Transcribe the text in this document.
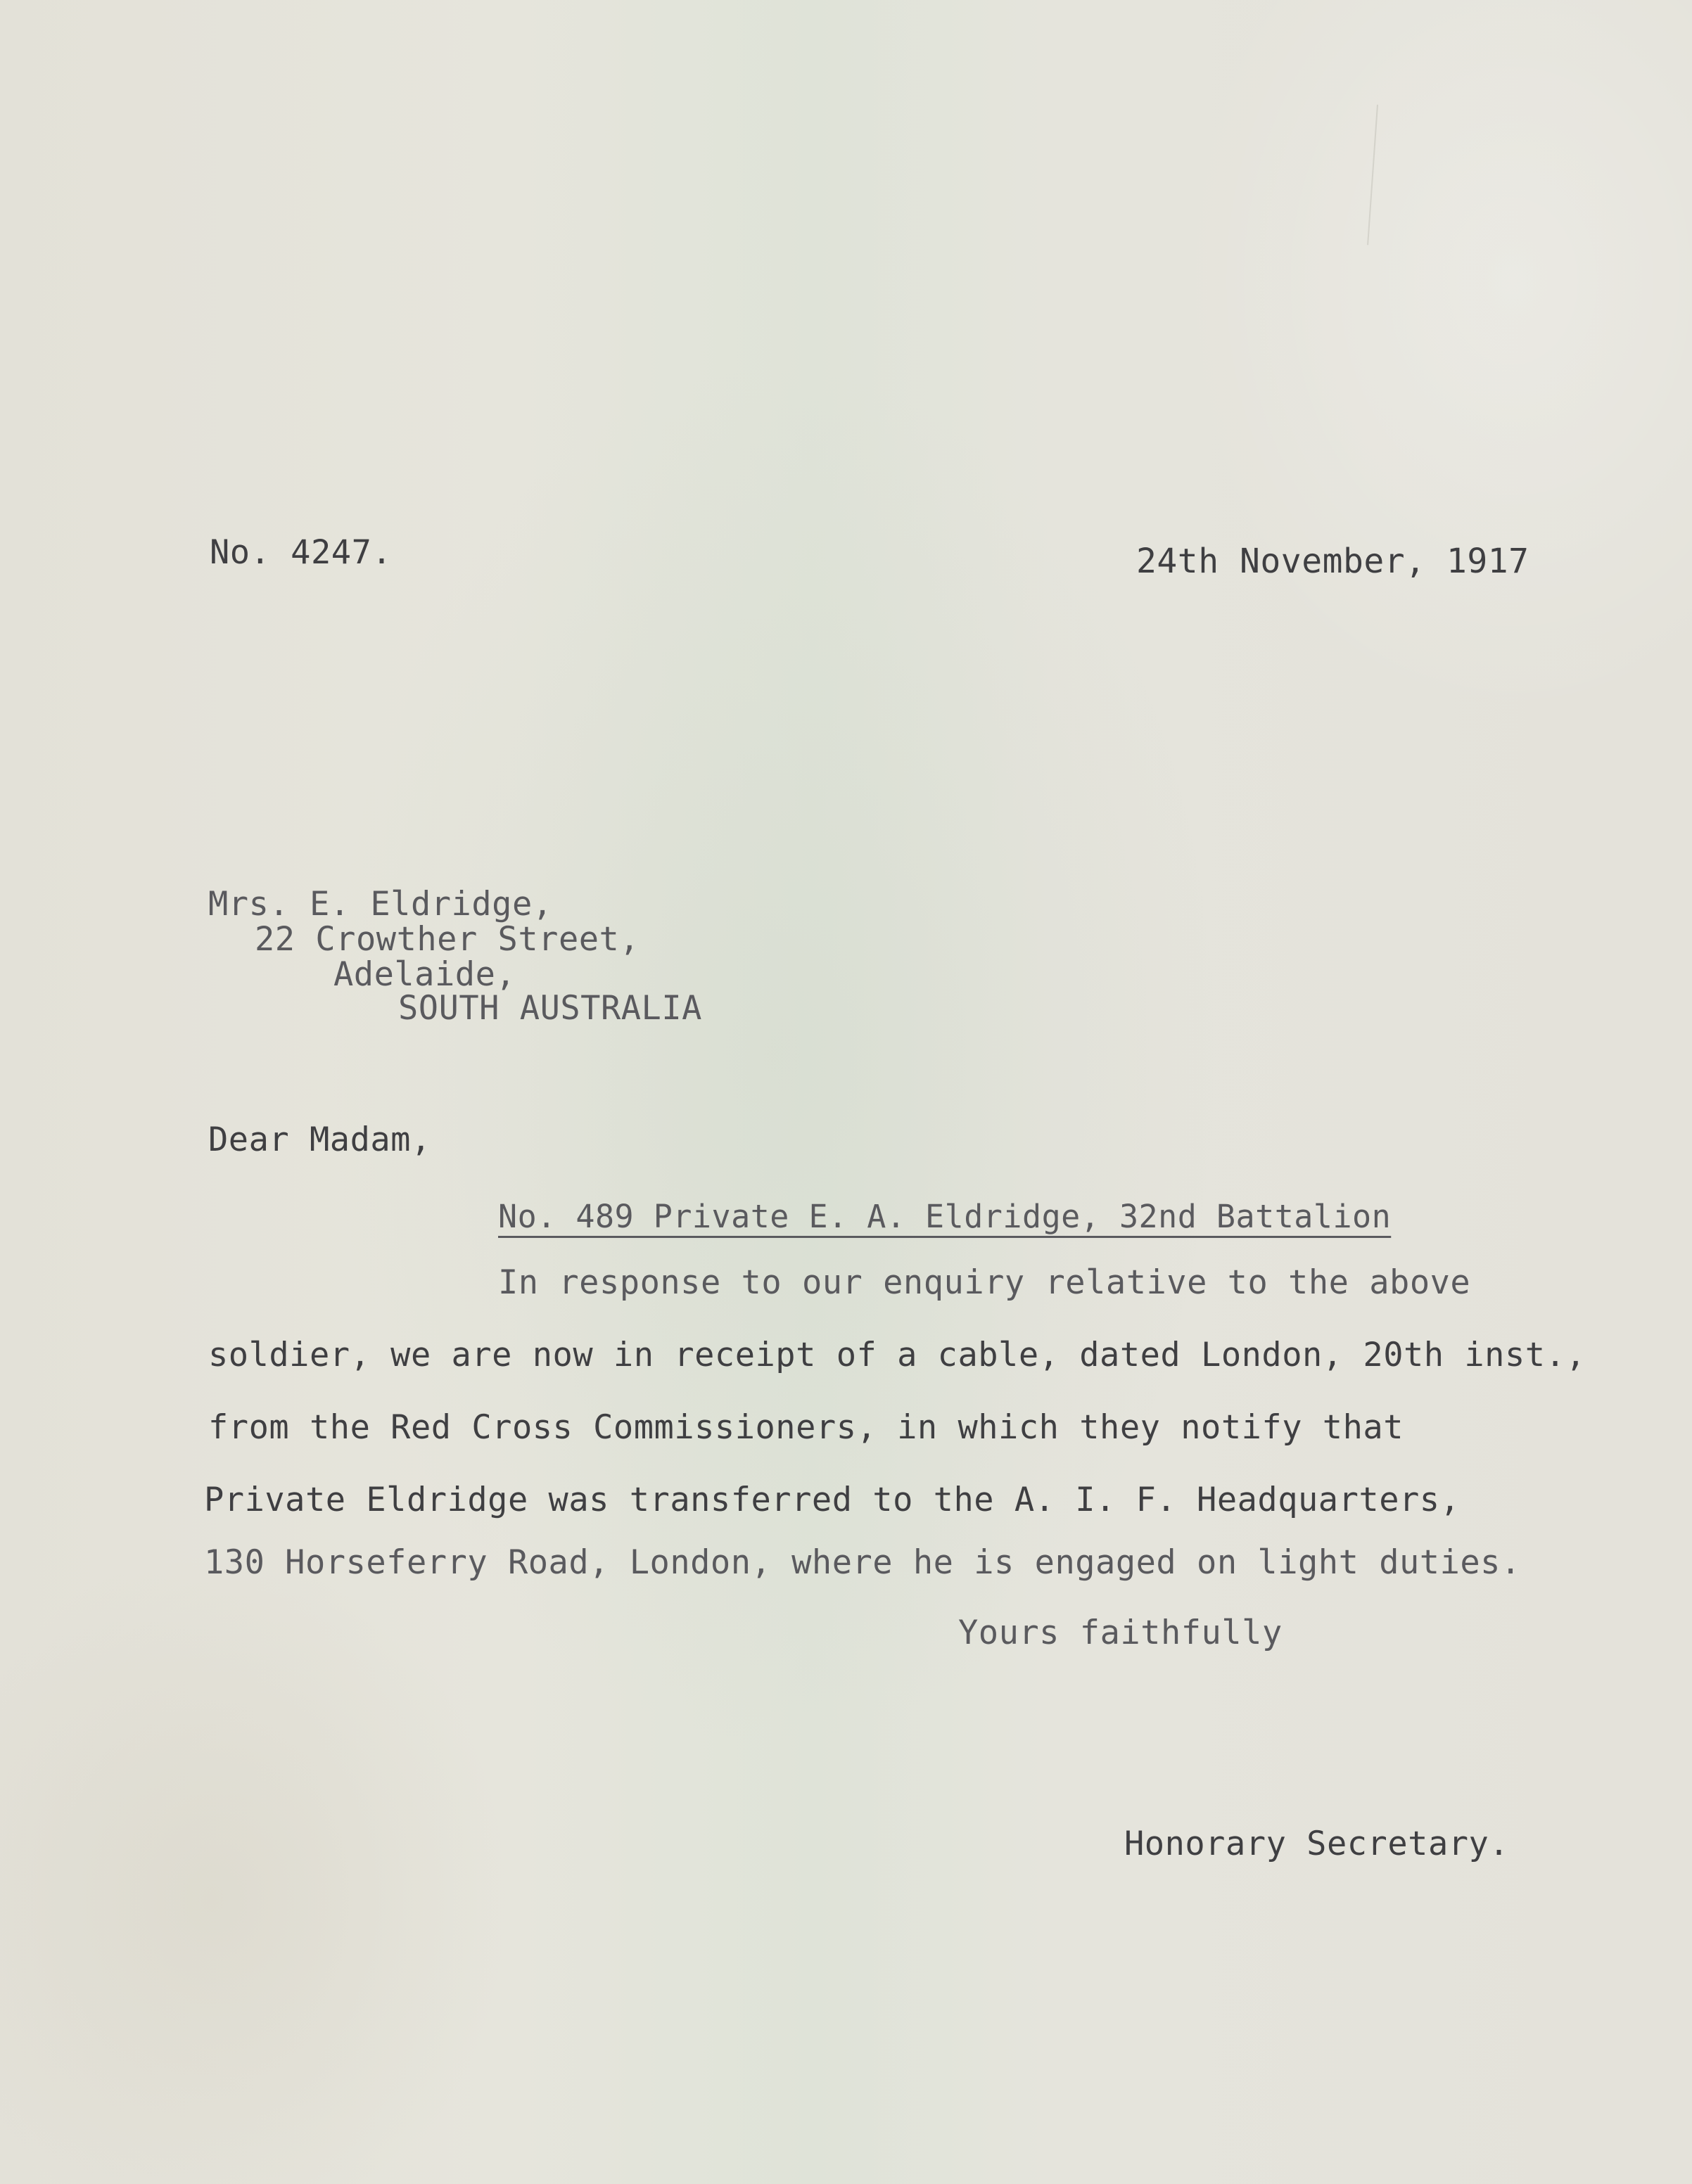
No. 4247.	24th November, 1917

Mrs. E. Eldridge,

22 Crowther Street,

Adelaide,

SOUTH AUSTRALIA

Dear Madam,

No. 489 Private E. A. Eldridge, 32nd Battalion

In response to our enquiry relative to the above

soldier, we are now in receipt of a cable, dated London, 20th inst.,

from the Red Cross Commissioners, in which they notify that

Private Eldridge was transferred to the A. I. F. Headquarters,

130 Horseferry Road, London, where he is engaged on light duties.

Yours faithfully

Honorary Secretary.
